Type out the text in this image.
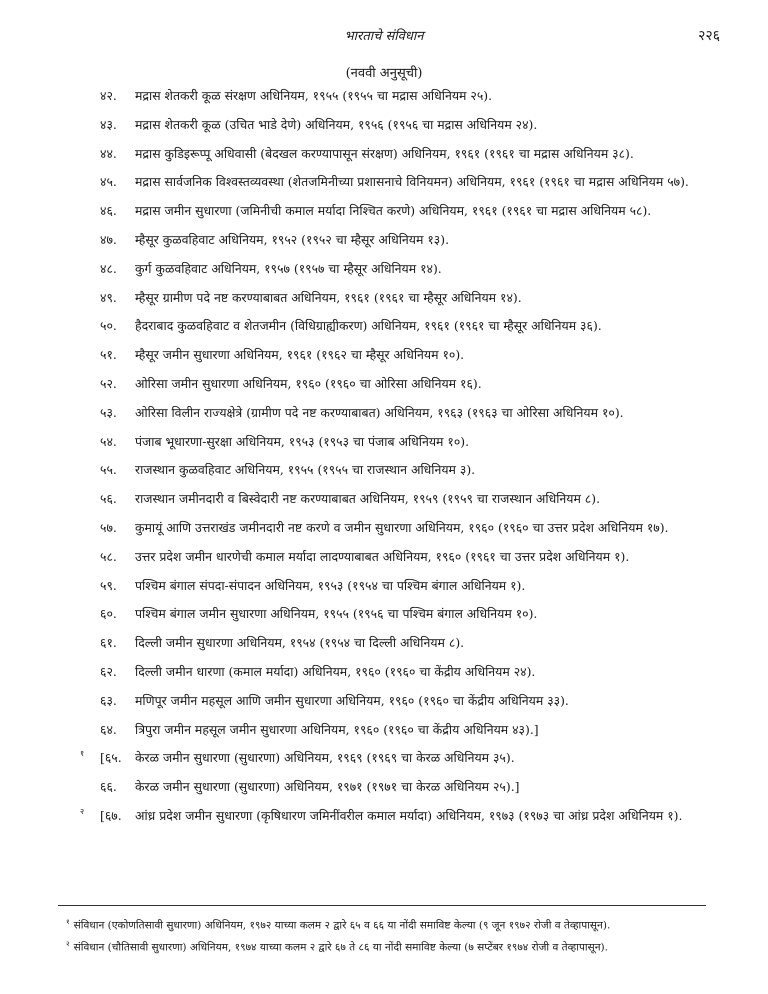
भारताचे संविधान	२२६
(नववी अनुसूची)
४२. मद्रास शेतकरी कूळ संरक्षण अधिनियम, १९५५ (१९५५ चा मद्रास अधिनियम २५).
४३. मद्रास शेतकरी कूळ (उचित भाडे देणे) अधिनियम, १९५६ (१९५६ चा मद्रास अधिनियम २४).
४४. मद्रास कुडिइरूप्पू अधिवासी (बेदखल करण्यापासून संरक्षण) अधिनियम, १९६१ (१९६१ चा मद्रास अधिनियम ३८).
४५. मद्रास सार्वजनिक विश्वस्तव्यवस्था (शेतजमिनीच्या प्रशासनाचे विनियमन) अधिनियम, १९६१ (१९६१ चा मद्रास अधिनियम ५७).
४६. मद्रास जमीन सुधारणा (जमिनीची कमाल मर्यादा निश्चित करणे) अधिनियम, १९६१ (१९६१ चा मद्रास अधिनियम ५८).
४७. म्हैसूर कुळवहिवाट अधिनियम, १९५२ (१९५२ चा म्हैसूर अधिनियम १३).
४८. कुर्ग कुळवहिवाट अधिनियम, १९५७ (१९५७ चा म्हैसूर अधिनियम १४).
४९. म्हैसूर ग्रामीण पदे नष्ट करण्याबाबत अधिनियम, १९६१ (१९६१ चा म्हैसूर अधिनियम १४).
५०. हैदराबाद कुळवहिवाट व शेतजमीन (विधिग्राह्यीकरण) अधिनियम, १९६१ (१९६१ चा म्हैसूर अधिनियम ३६).
५१. म्हैसूर जमीन सुधारणा अधिनियम, १९६१ (१९६२ चा म्हैसूर अधिनियम १०).
५२. ओरिसा जमीन सुधारणा अधिनियम, १९६० (१९६० चा ओरिसा अधिनियम १६).
५३. ओरिसा विलीन राज्यक्षेत्रे (ग्रामीण पदे नष्ट करण्याबाबत) अधिनियम, १९६३ (१९६३ चा ओरिसा अधिनियम १०).
५४. पंजाब भूधारणा-सुरक्षा अधिनियम, १९५३ (१९५३ चा पंजाब अधिनियम १०).
५५. राजस्थान कुळवहिवाट अधिनियम, १९५५ (१९५५ चा राजस्थान अधिनियम ३).
५६. राजस्थान जमीनदारी व बिस्वेदारी नष्ट करण्याबाबत अधिनियम, १९५९ (१९५९ चा राजस्थान अधिनियम ८).
५७. कुमायूं आणि उत्तराखंड जमीनदारी नष्ट करणे व जमीन सुधारणा अधिनियम, १९६० (१९६० चा उत्तर प्रदेश अधिनियम १७).
५८. उत्तर प्रदेश जमीन धारणेची कमाल मर्यादा लादण्याबाबत अधिनियम, १९६० (१९६१ चा उत्तर प्रदेश अधिनियम १).
५९. पश्चिम बंगाल संपदा-संपादन अधिनियम, १९५३ (१९५४ चा पश्चिम बंगाल अधिनियम १).
६०. पश्चिम बंगाल जमीन सुधारणा अधिनियम, १९५५ (१९५६ चा पश्चिम बंगाल अधिनियम १०).
६१. दिल्ली जमीन सुधारणा अधिनियम, १९५४ (१९५४ चा दिल्ली अधिनियम ८).
६२. दिल्ली जमीन धारणा (कमाल मर्यादा) अधिनियम, १९६० (१९६० चा केंद्रीय अधिनियम २४).
६३. मणिपूर जमीन महसूल आणि जमीन सुधारणा अधिनियम, १९६० (१९६० चा केंद्रीय अधिनियम ३३).
६४. त्रिपुरा जमीन महसूल जमीन सुधारणा अधिनियम, १९६० (१९६० चा केंद्रीय अधिनियम ४३).]
१ [६५. केरळ जमीन सुधारणा (सुधारणा) अधिनियम, १९६९ (१९६९ चा केरळ अधिनियम ३५).
६६. केरळ जमीन सुधारणा (सुधारणा) अधिनियम, १९७१ (१९७१ चा केरळ अधिनियम २५).]
२ [६७. आंध्र प्रदेश जमीन सुधारणा (कृषिधारण जमिनींवरील कमाल मर्यादा) अधिनियम, १९७३ (१९७३ चा आंध्र प्रदेश अधिनियम १).
$^१$ संविधान (एकोणतिसावी सुधारणा) अधिनियम, १९७२ याच्या कलम २ द्वारे ६५ व ६६ या नोंदी समाविष्ट केल्या (९ जून १९७२ रोजी व तेव्हापासून).
$^२$ संविधान (चौतिसावी सुधारणा) अधिनियम, १९७४ याच्या कलम २ द्वारे ६७ ते ८६ या नोंदी समाविष्ट केल्या (७ सप्टेंबर १९७४ रोजी व तेव्हापासून).
